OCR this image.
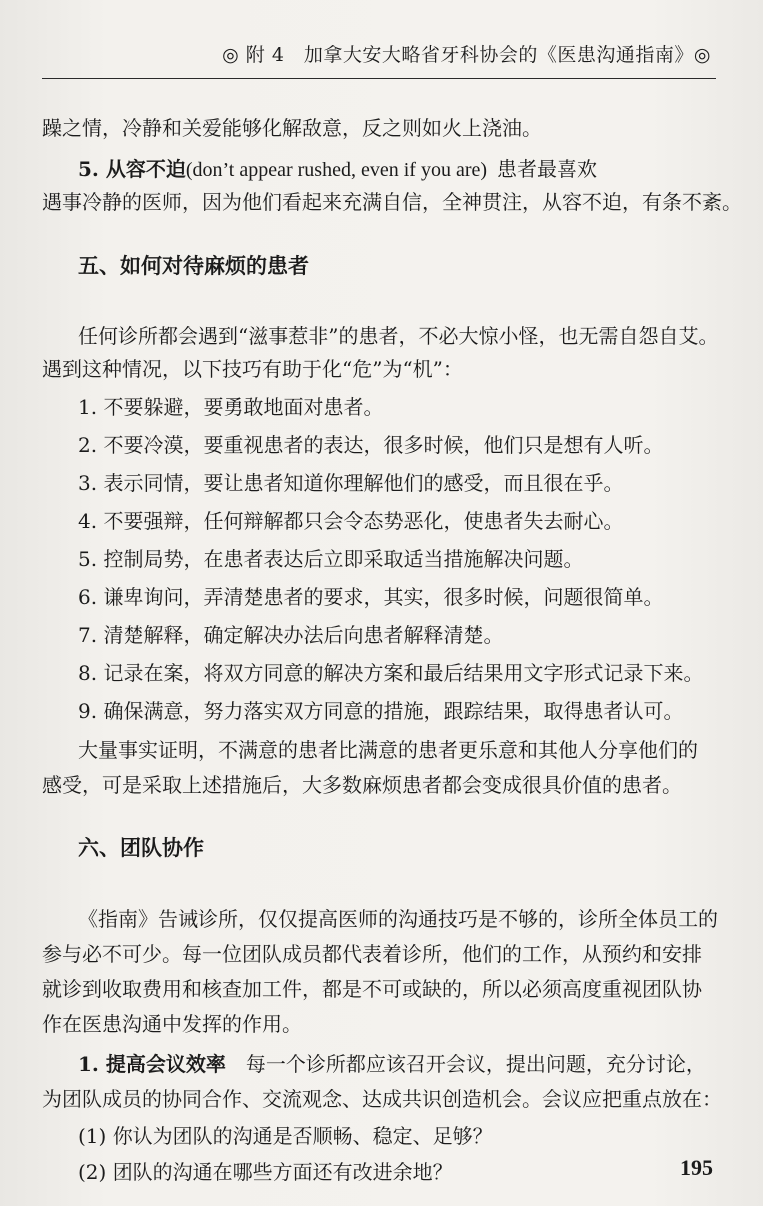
◎ 附 4　加拿大安大略省牙科协会的《医患沟通指南》◎
躁之情，冷静和关爱能够化解敌意，反之则如火上浇油。
5. 从容不迫(don’t appear rushed, even if you are)  患者最喜欢
遇事冷静的医师，因为他们看起来充满自信，全神贯注，从容不迫，有条不紊。
五、如何对待麻烦的患者
任何诊所都会遇到“滋事惹非”的患者，不必大惊小怪，也无需自怨自艾。
遇到这种情况，以下技巧有助于化“危”为“机”：
1. 不要躲避，要勇敢地面对患者。
2. 不要冷漠，要重视患者的表达，很多时候，他们只是想有人听。
3. 表示同情，要让患者知道你理解他们的感受，而且很在乎。
4. 不要强辩，任何辩解都只会令态势恶化，使患者失去耐心。
5. 控制局势，在患者表达后立即采取适当措施解决问题。
6. 谦卑询问，弄清楚患者的要求，其实，很多时候，问题很简单。
7. 清楚解释，确定解决办法后向患者解释清楚。
8. 记录在案，将双方同意的解决方案和最后结果用文字形式记录下来。
9. 确保满意，努力落实双方同意的措施，跟踪结果，取得患者认可。
大量事实证明，不满意的患者比满意的患者更乐意和其他人分享他们的
感受，可是采取上述措施后，大多数麻烦患者都会变成很具价值的患者。
六、团队协作
《指南》告诫诊所，仅仅提高医师的沟通技巧是不够的，诊所全体员工的
参与必不可少。每一位团队成员都代表着诊所，他们的工作，从预约和安排
就诊到收取费用和核查加工件，都是不可或缺的，所以必须高度重视团队协
作在医患沟通中发挥的作用。
1. 提高会议效率  每一个诊所都应该召开会议，提出问题，充分讨论，
为团队成员的协同合作、交流观念、达成共识创造机会。会议应把重点放在：
(1) 你认为团队的沟通是否顺畅、稳定、足够？
(2) 团队的沟通在哪些方面还有改进余地？	195
